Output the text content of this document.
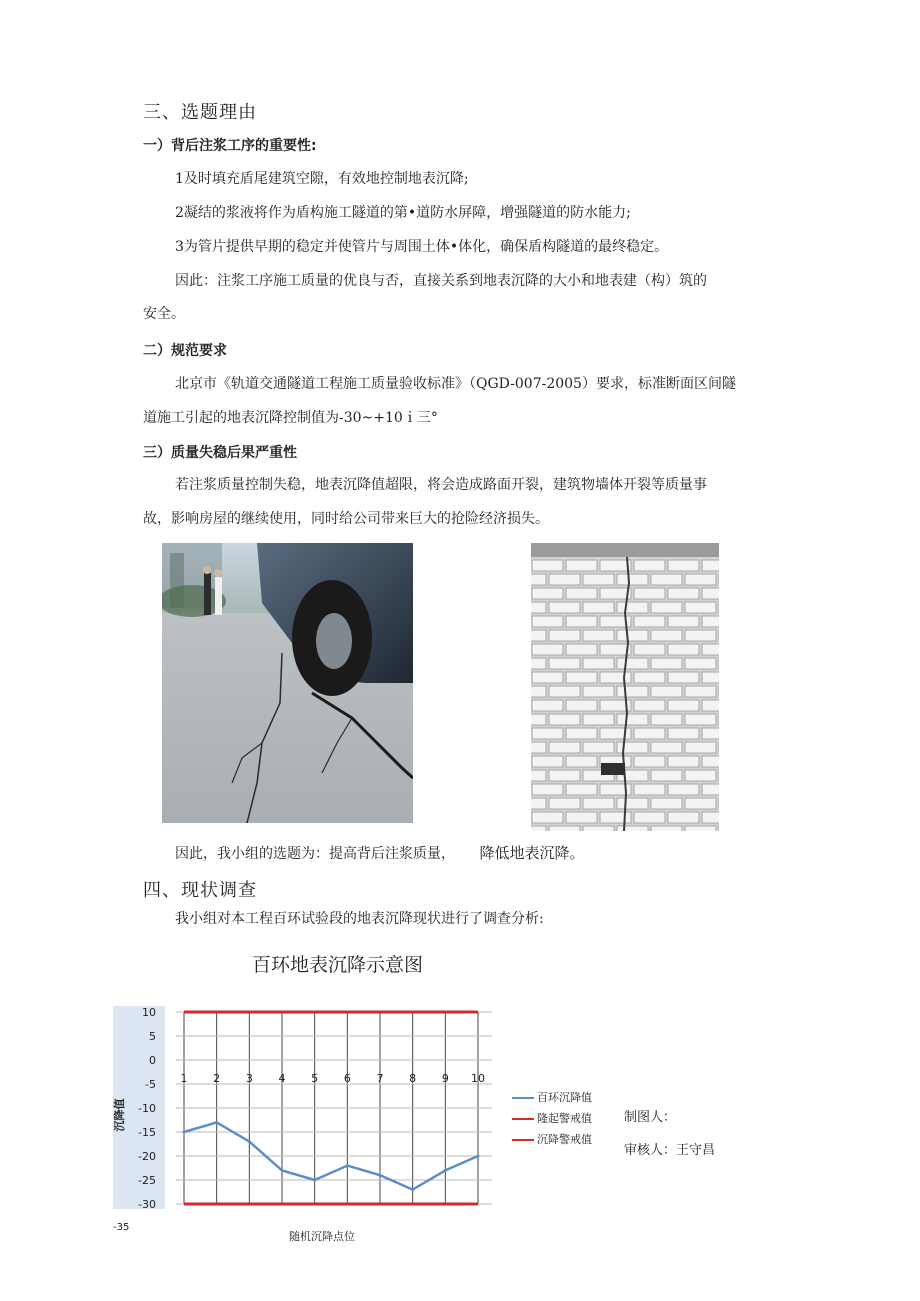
三、选题理由
一）背后注浆工序的重要性:
1及时填充盾尾建筑空隙，有效地控制地表沉降;
2凝结的浆液将作为盾构施工隧道的第•道防水屏障，增强隧道的防水能力;
3为管片提供早期的稳定并使管片与周围土体•体化，确保盾构隧道的最终稳定。
因此：注浆工序施工质量的优良与否，直接关系到地表沉降的大小和地表建（构）筑的
安全。
二）规范要求
北京市《轨道交通隧道工程施工质量验收标准》（QGD-007-2005）要求，标准断面区间隧
道施工引起的地表沉降控制值为-30~+10ｉ三°
三）质量失稳后果严重性
若注浆质量控制失稳，地表沉降值超限，将会造成路面开裂，建筑物墙体开裂等质量事
故，影响房屋的继续使用，同时给公司带来巨大的抢险经济损失。
因此，我小组的选题为：提高背后注浆质量， 降低地表沉降。
四、现状调查
我小组对本工程百环试验段的地表沉降现状进行了调查分析:
百环地表沉降示意图
10
5
0
-5
-10
-15
-20
-25
-30
1 2 3 4 5 6 7 8 9 10
沉降值
-35
随机沉降点位
百环沉降值
隆起警戒值
沉降警戒值
制图人：
审核人：王守昌
